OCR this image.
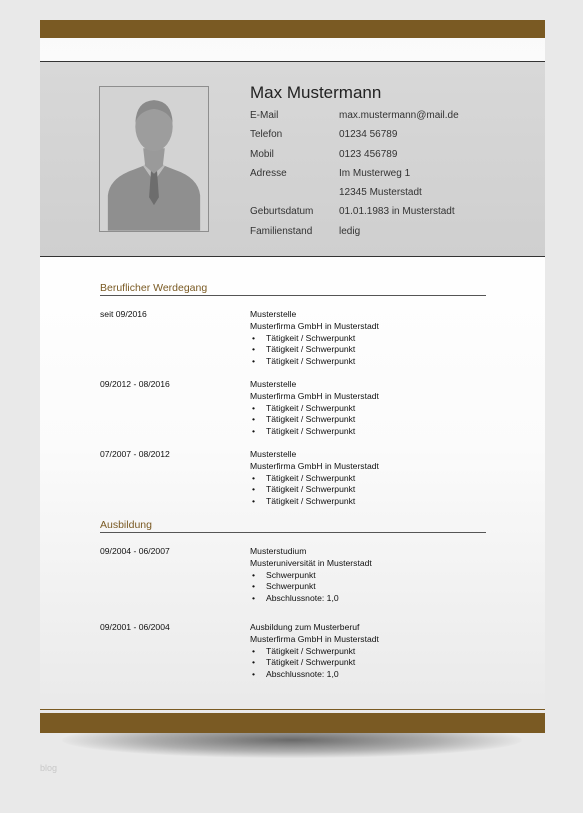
Max Mustermann
E-Mail	max.mustermann@mail.de
Telefon	01234 56789
Mobil	0123 456789
Adresse	Im Musterweg 1
12345 Musterstadt
Geburtsdatum	01.01.1983 in Musterstadt
Familienstand	ledig
Beruflicher Werdegang
seit 09/2016	Musterstelle
Musterfirma GmbH in Musterstadt
• Tätigkeit / Schwerpunkt
• Tätigkeit / Schwerpunkt
• Tätigkeit / Schwerpunkt
09/2012 - 08/2016	Musterstelle
Musterfirma GmbH in Musterstadt
• Tätigkeit / Schwerpunkt
• Tätigkeit / Schwerpunkt
• Tätigkeit / Schwerpunkt
07/2007 - 08/2012	Musterstelle
Musterfirma GmbH in Musterstadt
• Tätigkeit / Schwerpunkt
• Tätigkeit / Schwerpunkt
• Tätigkeit / Schwerpunkt
Ausbildung
09/2004 - 06/2007	Musterstudium
Musteruniversität in Musterstadt
• Schwerpunkt
• Schwerpunkt
• Abschlussnote: 1,0
09/2001 - 06/2004	Ausbildung zum Musterberuf
Musterfirma GmbH in Musterstadt
• Tätigkeit / Schwerpunkt
• Tätigkeit / Schwerpunkt
• Abschlussnote: 1,0
blog
